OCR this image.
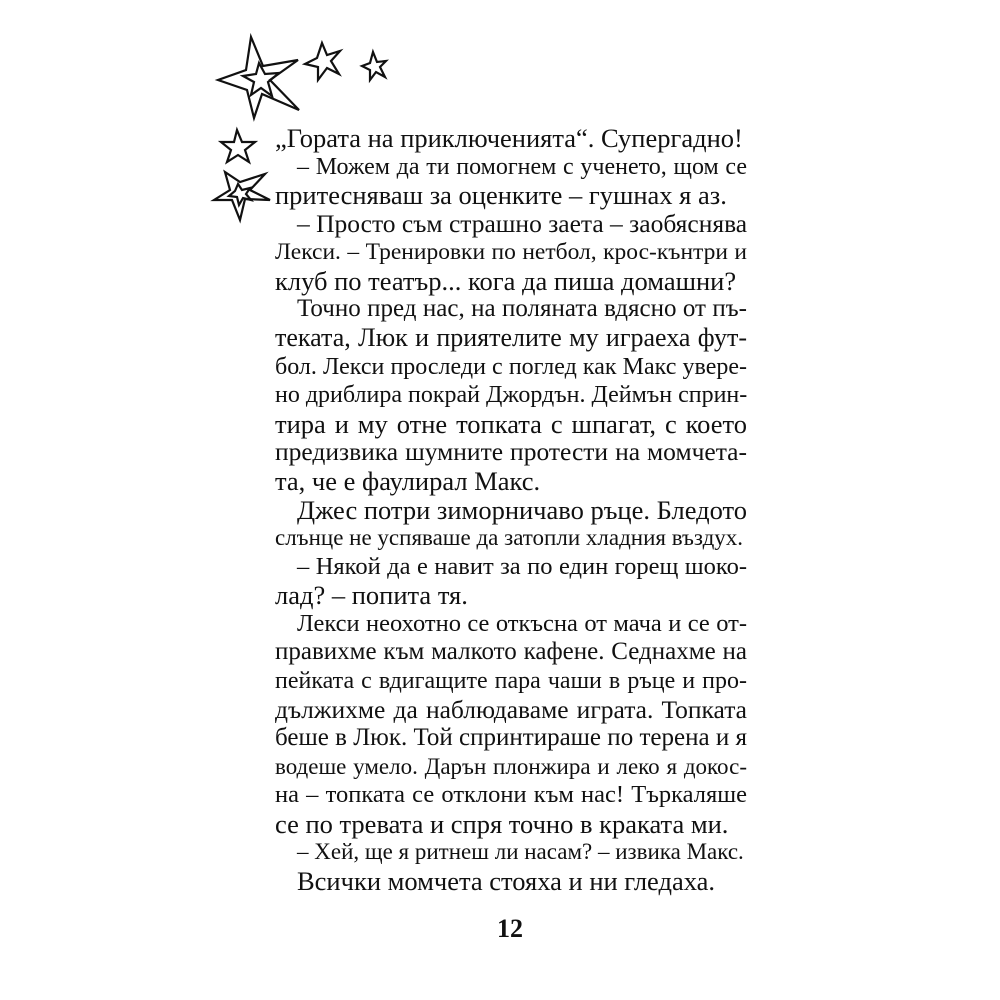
„Гората на приключенията“. Супергадно!
– Можем да ти помогнем с ученето, щом се
притесняваш за оценките – гушнах я аз.
– Просто съм страшно заета – заобяснява
Лекси. – Тренировки по нетбол, крос-кънтри и
клуб по театър... кога да пиша домашни?
Точно пред нас, на поляната вдясно от пъ-
теката, Люк и приятелите му играеха фут-
бол. Лекси проследи с поглед как Макс увере-
но дриблира покрай Джордън. Деймън сприн-
тира и му отне топката с шпагат, с което
предизвика шумните протести на момчета-
та, че е фаулирал Макс.
Джес потри зиморничаво ръце. Бледото
слънце не успяваше да затопли хладния въздух.
– Някой да е навит за по един горещ шоко-
лад? – попита тя.
Лекси неохотно се откъсна от мача и се от-
правихме към малкото кафене. Седнахме на
пейката с вдигащите пара чаши в ръце и про-
дължихме да наблюдаваме играта. Топката
беше в Люк. Той спринтираше по терена и я
водеше умело. Дарън плонжира и леко я докос-
на – топката се отклони към нас! Търкаляше
се по тревата и спря точно в краката ми.
– Хей, ще я ритнеш ли насам? – извика Макс.
Всички момчета стояха и ни гледаха.
12
